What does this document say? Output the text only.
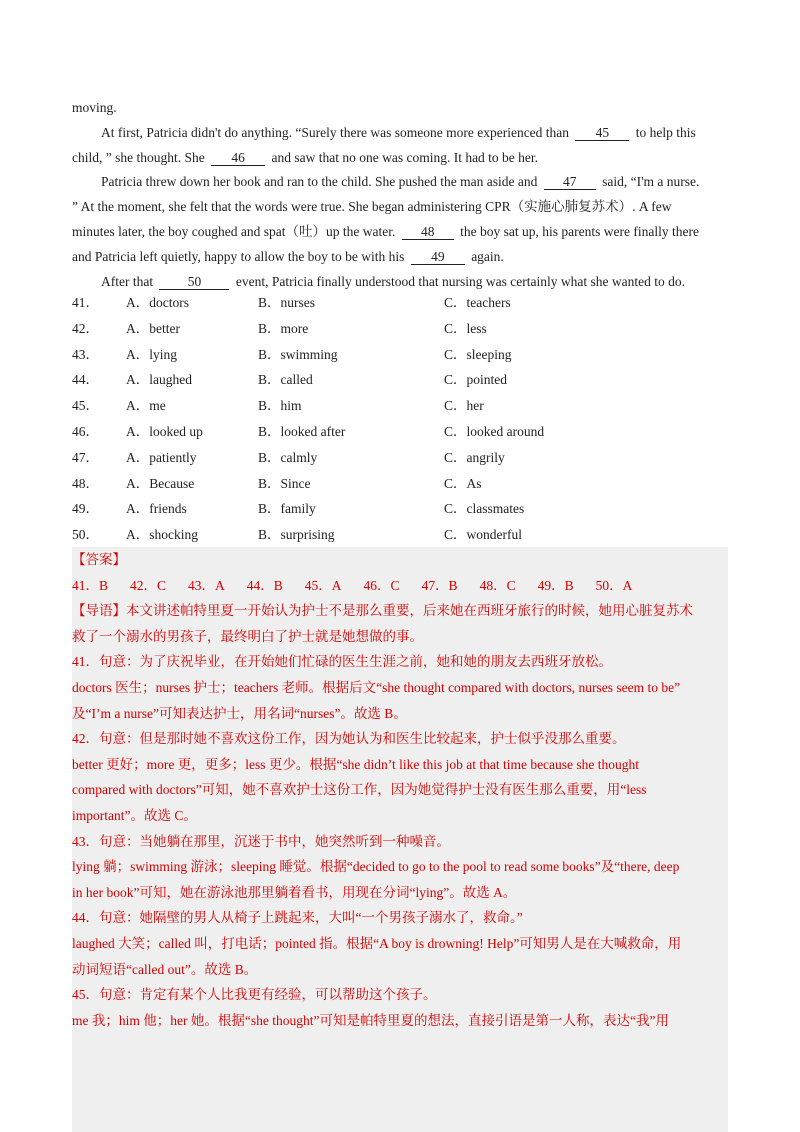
moving.
At first, Patricia didn't do anything. “Surely there was someone more experienced than 45 to help this
child, ” she thought. She 46 and saw that no one was coming. It had to be her.
Patricia threw down her book and ran to the child. She pushed the man aside and 47 said, “I'm a nurse.
” At the moment, she felt that the words were true. She began administering CPR（实施心肺复苏术）. A few
minutes later, the boy coughed and spat（吐）up the water. 48 the boy sat up, his parents were finally there
and Patricia left quietly, happy to allow the boy to be with his 49 again.
After that	50	event, Patricia finally understood that nursing was certainly what she wanted to do.
41． A．doctors	B．nurses	C．teachers
42． A．better	B．more	C．less
43． A．lying	B．swimming	C．sleeping
44． A．laughed	B．called	C．pointed
45． A．me	B．him	C．her
46． A．looked up	B．looked after	C．looked around
47． A．patiently	B．calmly	C．angrily
48． A．Because	B．Since	C．As
49． A．friends	B．family	C．classmates
50． A．shocking	B．surprising	C．wonderful
【答案】
41．B 42．C 43．A 44．B 45．A 46．C 47．B 48．C 49．B 50．A
【导语】本文讲述帕特里夏一开始认为护士不是那么重要，后来她在西班牙旅行的时候，她用心脏复苏术
救了一个溺水的男孩子，最终明白了护士就是她想做的事。
41．句意：为了庆祝毕业，在开始她们忙碌的医生生涯之前，她和她的朋友去西班牙放松。
doctors 医生；nurses 护士；teachers 老师。根据后文“she thought compared with doctors, nurses seem to be”
及“I’m a nurse”可知表达护士，用名词“nurses”。故选 B。
42．句意：但是那时她不喜欢这份工作，因为她认为和医生比较起来，护士似乎没那么重要。
better 更好；more 更，更多；less 更少。根据“she didn’t like this job at that time because she thought
compared with doctors”可知，她不喜欢护士这份工作，因为她觉得护士没有医生那么重要，用“less
important”。故选 C。
43．句意：当她躺在那里，沉迷于书中，她突然听到一种噪音。
lying 躺；swimming 游泳；sleeping 睡觉。根据“decided to go to the pool to read some books”及“there, deep
in her book”可知，她在游泳池那里躺着看书，用现在分词“lying”。故选 A。
44．句意：她隔壁的男人从椅子上跳起来，大叫“一个男孩子溺水了，救命。”
laughed 大笑；called 叫，打电话；pointed 指。根据“A boy is drowning! Help”可知男人是在大喊救命，用
动词短语“called out”。故选 B。
45．句意：肯定有某个人比我更有经验，可以帮助这个孩子。
me 我；him 他；her 她。根据“she thought”可知是帕特里夏的想法，直接引语是第一人称，表达“我”用
